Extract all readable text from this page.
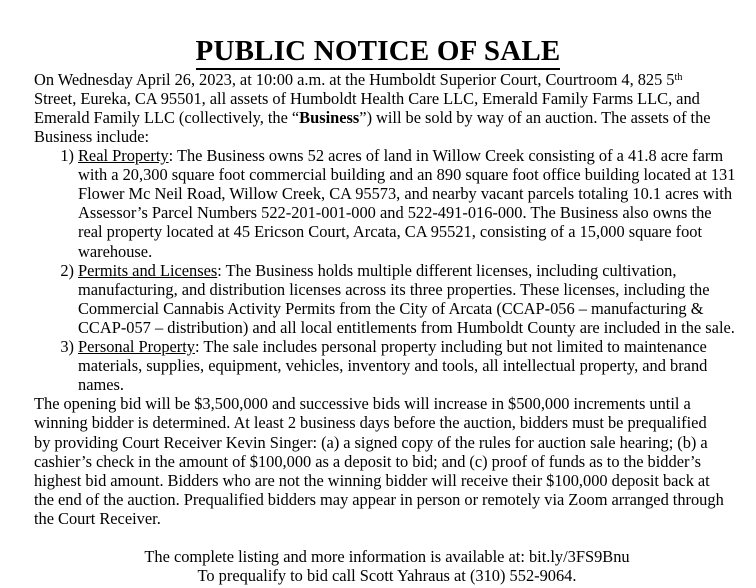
PUBLIC NOTICE OF SALE

On Wednesday April 26, 2023, at 10:00 a.m. at the Humboldt Superior Court, Courtroom 4, 825 5th Street, Eureka, CA 95501, all assets of Humboldt Health Care LLC, Emerald Family Farms LLC, and Emerald Family LLC (collectively, the “Business”) will be sold by way of an auction. The assets of the Business include:

1) Real Property: The Business owns 52 acres of land in Willow Creek consisting of a 41.8 acre farm with a 20,300 square foot commercial building and an 890 square foot office building located at 131 Flower Mc Neil Road, Willow Creek, CA 95573, and nearby vacant parcels totaling 10.1 acres with Assessor’s Parcel Numbers 522-201-001-000 and 522-491-016-000. The Business also owns the real property located at 45 Ericson Court, Arcata, CA 95521, consisting of a 15,000 square foot warehouse.
2) Permits and Licenses: The Business holds multiple different licenses, including cultivation, manufacturing, and distribution licenses across its three properties. These licenses, including the Commercial Cannabis Activity Permits from the City of Arcata (CCAP-056 – manufacturing & CCAP-057 – distribution) and all local entitlements from Humboldt County are included in the sale.
3) Personal Property: The sale includes personal property including but not limited to maintenance materials, supplies, equipment, vehicles, inventory and tools, all intellectual property, and brand names.

The opening bid will be $3,500,000 and successive bids will increase in $500,000 increments until a winning bidder is determined. At least 2 business days before the auction, bidders must be prequalified by providing Court Receiver Kevin Singer: (a) a signed copy of the rules for auction sale hearing; (b) a cashier’s check in the amount of $100,000 as a deposit to bid; and (c) proof of funds as to the bidder’s highest bid amount. Bidders who are not the winning bidder will receive their $100,000 deposit back at the end of the auction. Prequalified bidders may appear in person or remotely via Zoom arranged through the Court Receiver.

The complete listing and more information is available at: bit.ly/3FS9Bnu
To prequalify to bid call Scott Yahraus at (310) 552-9064.
